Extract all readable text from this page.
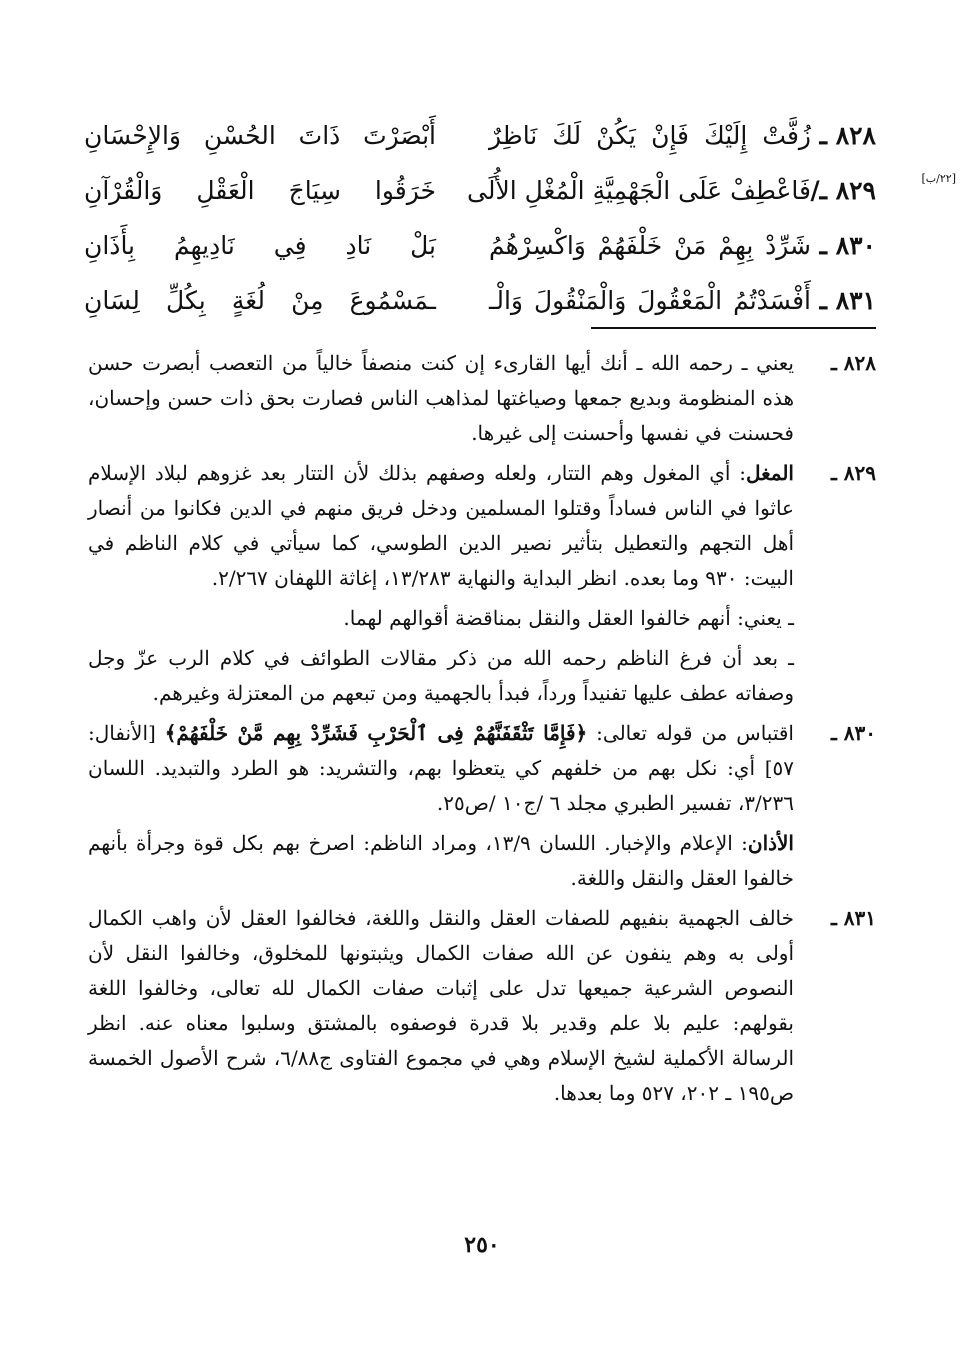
[٢٢/ب]
٨٢٨ ـ
زُفَّتْ إِلَيْكَ فَإِنْ يَكُنْ لَكَ نَاظِرٌ
أَبْصَرْتَ ذَاتَ الحُسْنِ وَالإِحْسَانِ
٨٢٩ ـ/
فَاعْطِفْ عَلَى الْجَهْمِيَّةِ الْمُغْلِ الأُلَى
خَرَقُوا سِيَاجَ الْعَقْلِ وَالْقُرْآنِ
٨٣٠ ـ
شَرِّدْ بِهِمْ مَنْ خَلْفَهُمْ وَاكْسِرْهُمُ
بَلْ نَادِ فِي نَادِيهِمُ بِأَذَانِ
٨٣١ ـ
أَفْسَدْتُمُ الْمَعْقُولَ وَالْمَنْقُولَ وَالْـ
ـمَسْمُوعَ مِنْ لُغَةٍ بِكُلِّ لِسَانِ
٨٢٨ ـ

يعني ـ رحمه الله ـ أنك أيها القارىء إن كنت منصفاً خالياً من التعصب أبصرت حسن هذه المنظومة وبديع جمعها وصياغتها لمذاهب الناس فصارت بحق ذات حسن وإحسان، فحسنت في نفسها وأحسنت إلى غيرها.

٨٢٩ ـ

المغل: أي المغول وهم التتار، ولعله وصفهم بذلك لأن التتار بعد غزوهم لبلاد الإسلام عاثوا في الناس فساداً وقتلوا المسلمين ودخل فريق منهم في الدين فكانوا من أنصار أهل التجهم والتعطيل بتأثير نصير الدين الطوسي، كما سيأتي في كلام الناظم في البيت: ٩٣٠ وما بعده. انظر البداية والنهاية ١٣/٢٨٣، إغاثة اللهفان ٢/٢٦٧.

ـ يعني: أنهم خالفوا العقل والنقل بمناقضة أقوالهم لهما.

ـ بعد أن فرغ الناظم رحمه الله من ذكر مقالات الطوائف في كلام الرب عزّ وجل وصفاته عطف عليها تفنيداً ورداً، فبدأ بالجهمية ومن تبعهم من المعتزلة وغيرهم.

٨٣٠ ـ

اقتباس من قوله تعالى: ﴿فَإِمَّا تَثْقَفَنَّهُمْ فِى ٱلْحَرْبِ فَشَرِّدْ بِهِم مَّنْ خَلْفَهُمْ﴾ [الأنفال: ٥٧] أي: نكل بهم من خلفهم كي يتعظوا بهم، والتشريد: هو الطرد والتبديد. اللسان ٣/٢٣٦، تفسير الطبري مجلد ٦ /ج١٠ /ص٢٥.

الأذان: الإعلام والإخبار. اللسان ١٣/٩، ومراد الناظم: اصرخ بهم بكل قوة وجرأة بأنهم خالفوا العقل والنقل واللغة.

٨٣١ ـ

خالف الجهمية بنفيهم للصفات العقل والنقل واللغة، فخالفوا العقل لأن واهب الكمال أولى به وهم ينفون عن الله صفات الكمال ويثبتونها للمخلوق، وخالفوا النقل لأن النصوص الشرعية جميعها تدل على إثبات صفات الكمال لله تعالى، وخالفوا اللغة بقولهم: عليم بلا علم وقدير بلا قدرة فوصفوه بالمشتق وسلبوا معناه عنه. انظر الرسالة الأكملية لشيخ الإسلام وهي في مجموع الفتاوى ج٦/٨٨، شرح الأصول الخمسة ص١٩٥ ـ ٢٠٢، ٥٢٧ وما بعدها.

٢٥٠
